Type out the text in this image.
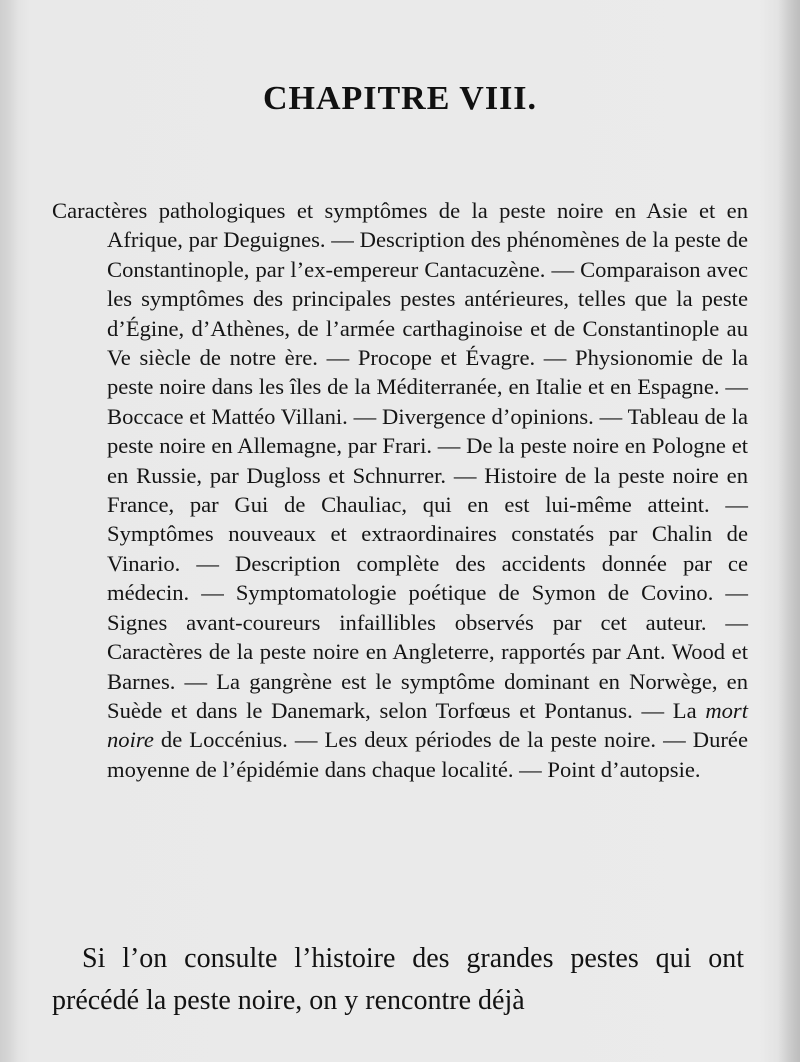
CHAPITRE VIII.

Caractères pathologiques et symptômes de la peste noire en Asie et en Afrique, par Deguignes. — Description des phénomènes de la peste de Constantinople, par l’ex-empereur Cantacuzène. — Comparaison avec les symptômes des principales pestes antérieures, telles que la peste d’Égine, d’Athènes, de l’armée carthaginoise et de Constantinople au Ve siècle de notre ère. — Procope et Évagre. — Physionomie de la peste noire dans les îles de la Méditerranée, en Italie et en Espagne. — Boccace et Mattéo Villani. — Divergence d’opinions. — Tableau de la peste noire en Allemagne, par Frari. — De la peste noire en Pologne et en Russie, par Dugloss et Schnurrer. — Histoire de la peste noire en France, par Gui de Chauliac, qui en est lui-même atteint. — Symptômes nouveaux et extraordinaires constatés par Chalin de Vinario. — Description complète des accidents donnée par ce médecin. — Symptomatologie poétique de Symon de Covino. — Signes avant-coureurs infaillibles observés par cet auteur. — Caractères de la peste noire en Angleterre, rapportés par Ant. Wood et Barnes. — La gangrène est le symptôme dominant en Norwège, en Suède et dans le Danemark, selon Torfœus et Pontanus. — La mort noire de Loccénius. — Les deux périodes de la peste noire. — Durée moyenne de l’épidémie dans chaque localité. — Point d’autopsie.

Si l’on consulte l’histoire des grandes pestes qui ont précédé la peste noire, on y rencontre déjà
